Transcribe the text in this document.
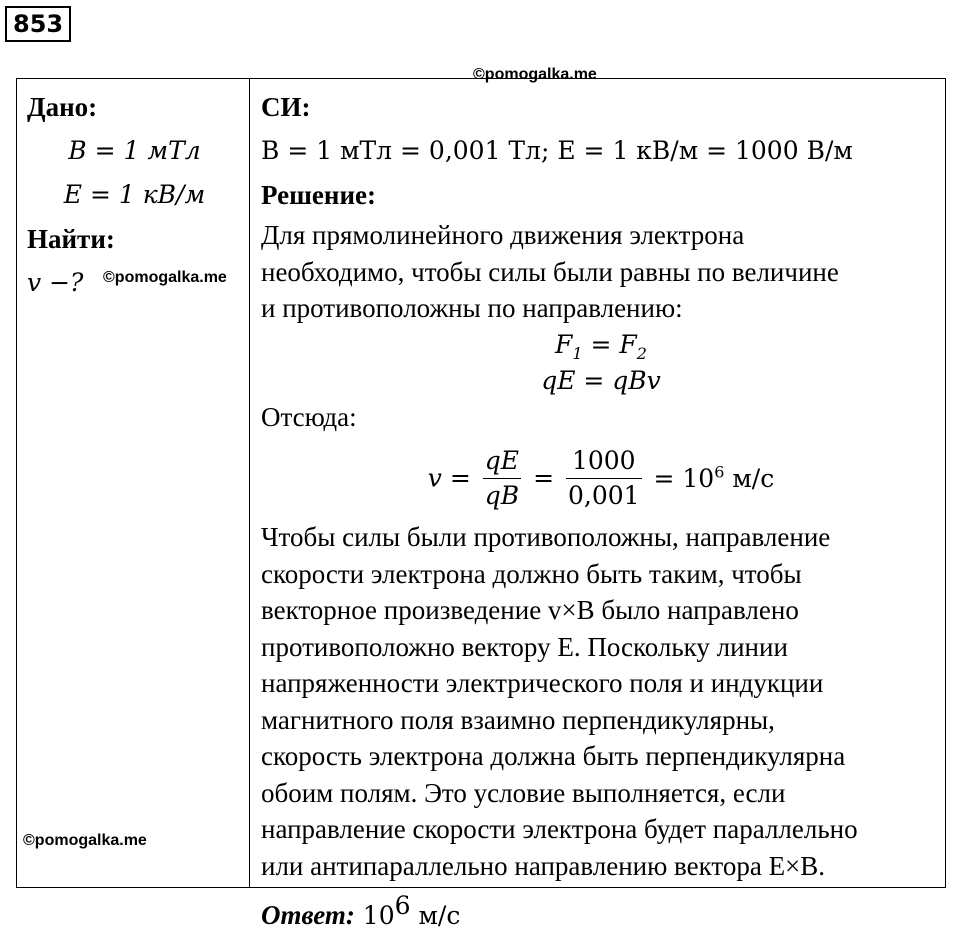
853
©pomogalka.me
Дано:
B = 1 мТл
E = 1 кВ/м
Найти:
v −?	©pomogalka.me
©pomogalka.me
СИ:
B = 1 мТл = 0,001 Тл; E = 1 кВ/м = 1000 В/м
Решение:
Для прямолинейного движения электрона
необходимо, чтобы силы были равны по величине
и противоположны по направлению:
$F_1 = F_2$
qE = qBv
Отсюда:
$v = \frac{qE}{qB} = \frac{1000}{0,001} = 10^6$ м/с
Чтобы силы были противоположны, направление
скорости электрона должно быть таким, чтобы
векторное произведение v×B было направлено
противоположно вектору E. Поскольку линии
напряженности электрического поля и индукции
магнитного поля взаимно перпендикулярны,
скорость электрона должна быть перпендикулярна
обоим полям. Это условие выполняется, если
направление скорости электрона будет параллельно
или антипараллельно направлению вектора E×B.
Ответ: $10^6$ м/с
